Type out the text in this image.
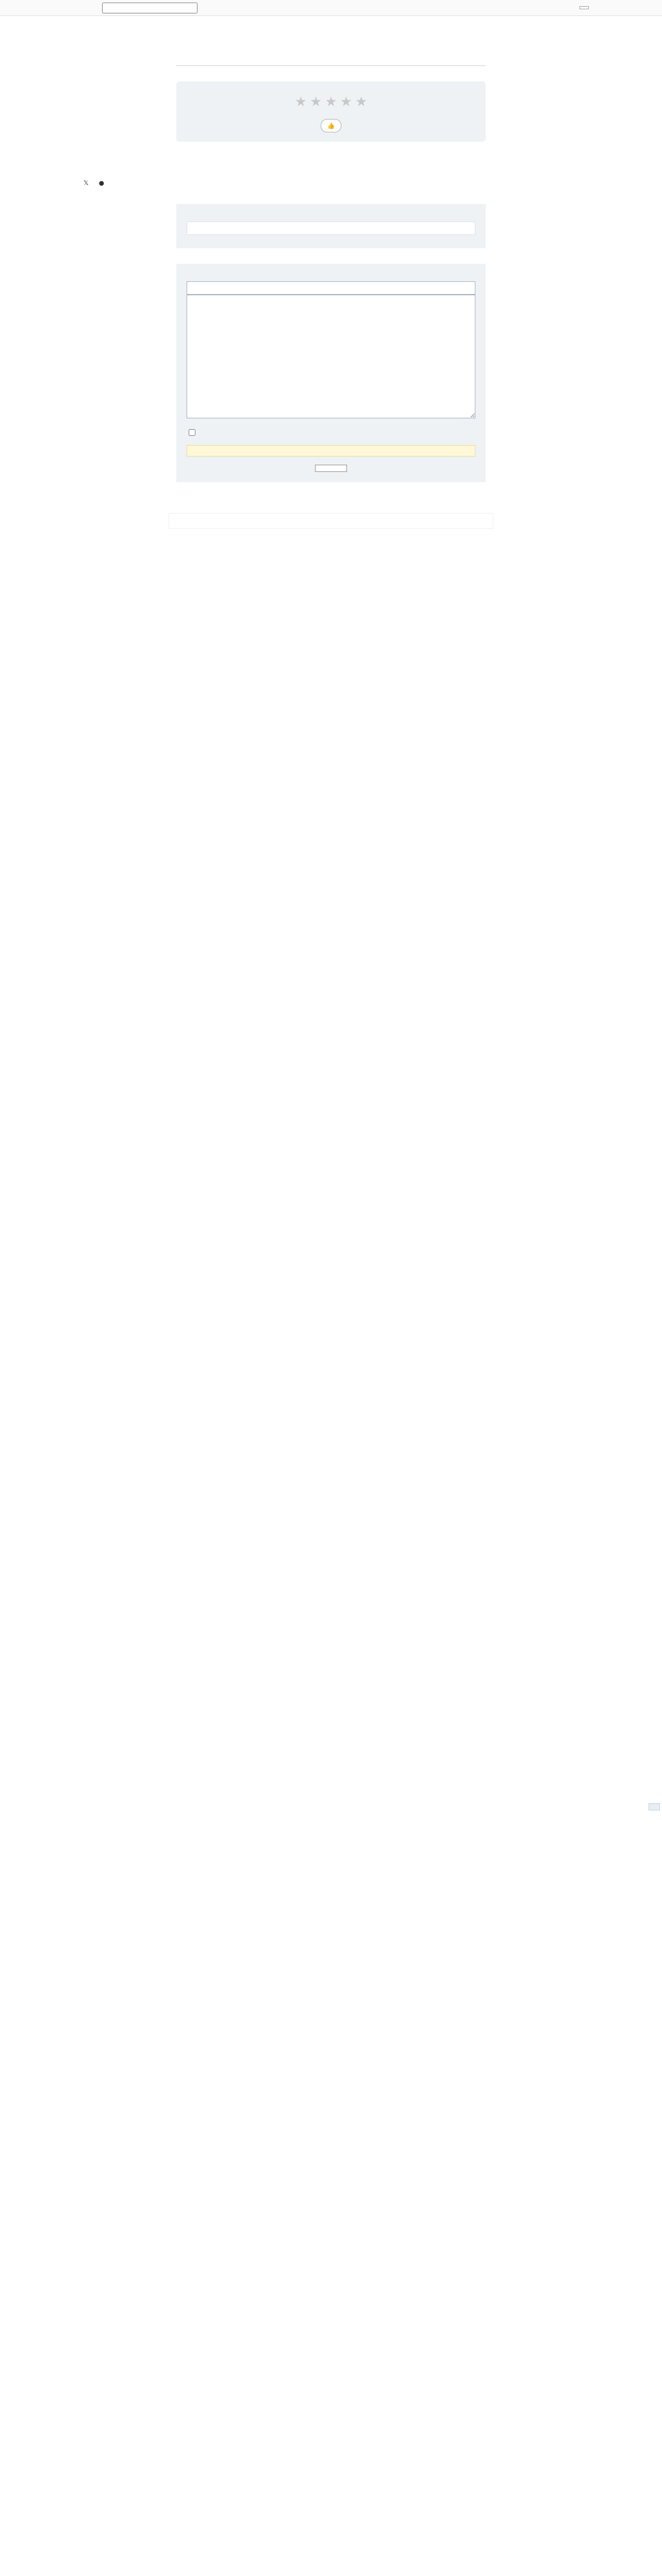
★ ★ ★ ★ ★
👍
𝕏 ●
